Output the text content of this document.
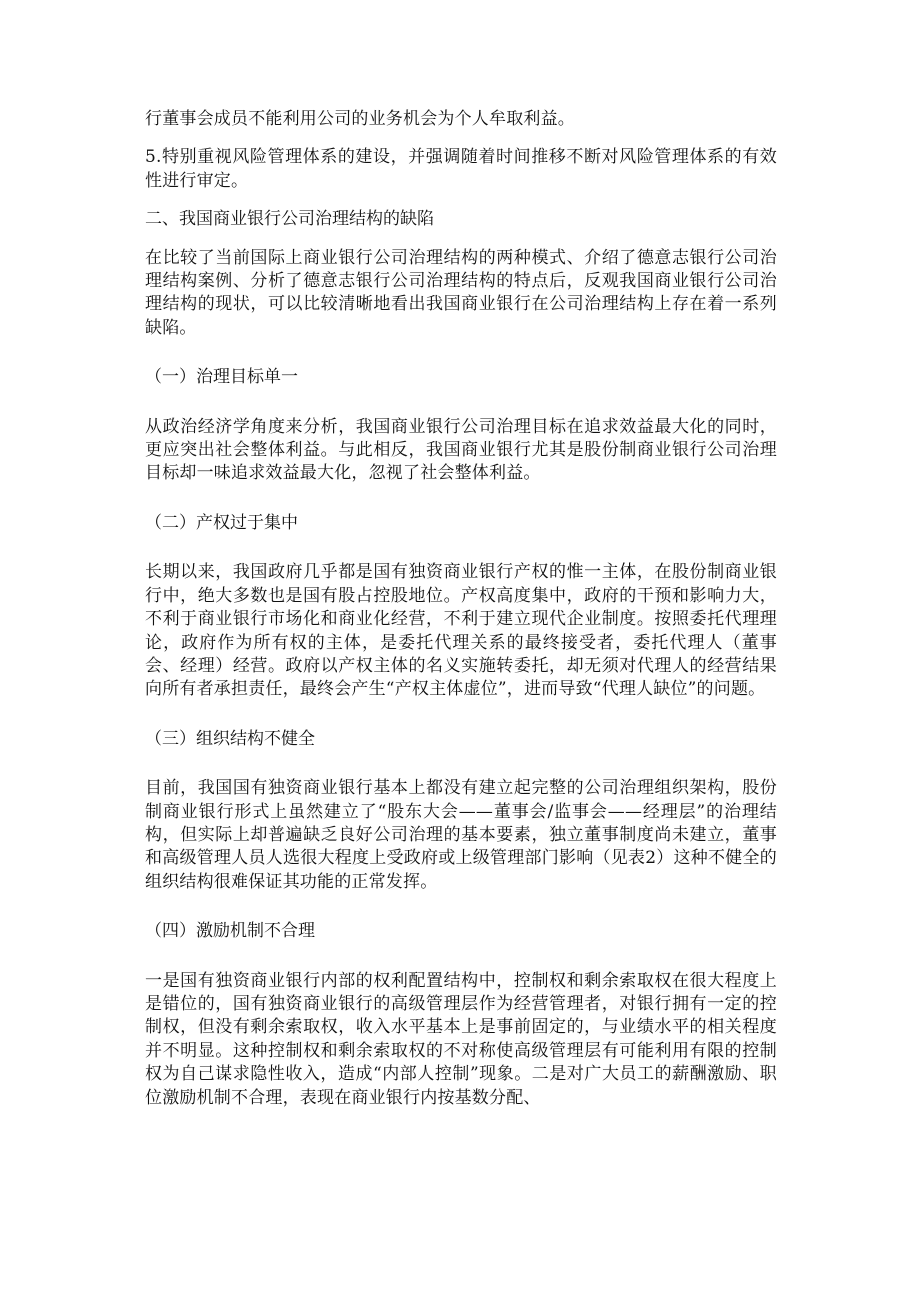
行董事会成员不能利用公司的业务机会为个人牟取利益。

5.特别重视风险管理体系的建设，并强调随着时间推移不断对风险管理体系的有效性进行审定。

二、我国商业银行公司治理结构的缺陷

在比较了当前国际上商业银行公司治理结构的两种模式、介绍了德意志银行公司治理结构案例、分析了德意志银行公司治理结构的特点后，反观我国商业银行公司治理结构的现状，可以比较清晰地看出我国商业银行在公司治理结构上存在着一系列缺陷。

（一）治理目标单一

从政治经济学角度来分析，我国商业银行公司治理目标在追求效益最大化的同时，更应突出社会整体利益。与此相反，我国商业银行尤其是股份制商业银行公司治理目标却一味追求效益最大化，忽视了社会整体利益。

（二）产权过于集中

长期以来，我国政府几乎都是国有独资商业银行产权的惟一主体，在股份制商业银行中，绝大多数也是国有股占控股地位。产权高度集中，政府的干预和影响力大，不利于商业银行市场化和商业化经营，不利于建立现代企业制度。按照委托代理理论，政府作为所有权的主体，是委托代理关系的最终接受者，委托代理人（董事会、经理）经营。政府以产权主体的名义实施转委托，却无须对代理人的经营结果向所有者承担责任，最终会产生“产权主体虚位”，进而导致“代理人缺位”的问题。

（三）组织结构不健全

目前，我国国有独资商业银行基本上都没有建立起完整的公司治理组织架构，股份制商业银行形式上虽然建立了“股东大会——董事会/监事会——经理层”的治理结构，但实际上却普遍缺乏良好公司治理的基本要素，独立董事制度尚未建立，董事和高级管理人员人选很大程度上受政府或上级管理部门影响（见表2）这种不健全的组织结构很难保证其功能的正常发挥。

（四）激励机制不合理

一是国有独资商业银行内部的权利配置结构中，控制权和剩余索取权在很大程度上是错位的，国有独资商业银行的高级管理层作为经营管理者，对银行拥有一定的控制权，但没有剩余索取权，收入水平基本上是事前固定的，与业绩水平的相关程度并不明显。这种控制权和剩余索取权的不对称使高级管理层有可能利用有限的控制权为自己谋求隐性收入，造成“内部人控制”现象。二是对广大员工的薪酬激励、职位激励机制不合理，表现在商业银行内按基数分配、
